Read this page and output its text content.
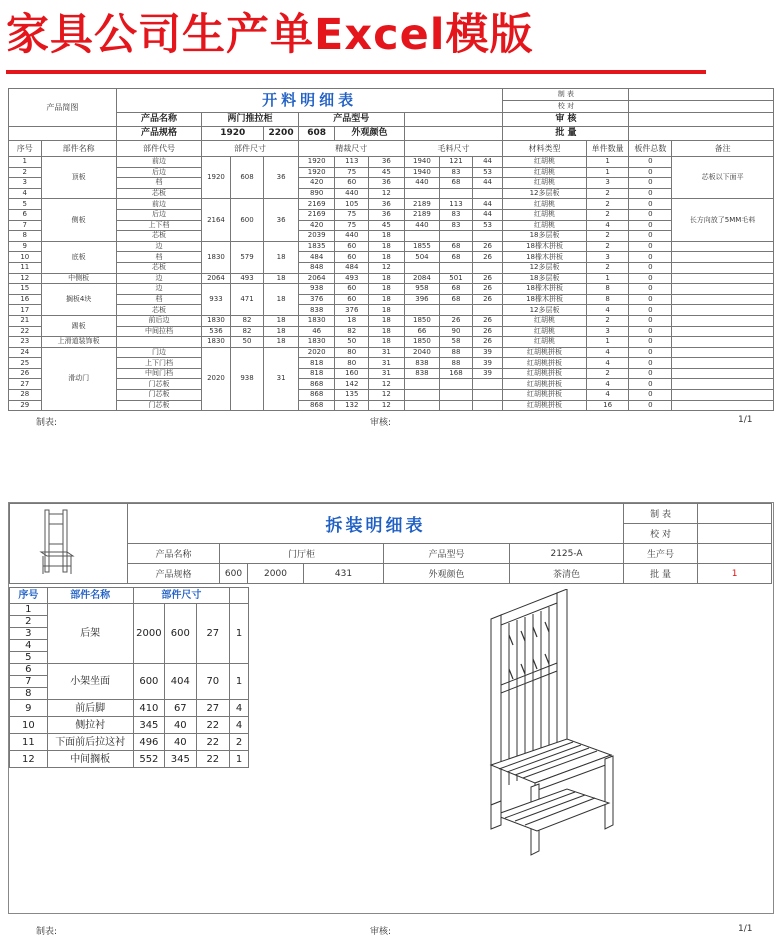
家具公司生产单Excel模版
产品简图		开料明细表										制 表			
												校 对			
		产品名称	两门推拉柜			产品型号						审 核			
		产品规格	1920		2200	608	外观颜色					批 量			
序号	部件名称	部件代号	部件尺寸			精裁尺寸			毛料尺寸			材料类型	单件数量	板件总数	备注
1	顶板	前边	1920	608	36	1920	113	36	1940	121	44	红胡桃	1	0	芯板以下面平
2		后边				1920	75	45	1940	83	53	红胡桃	1	0	
3		档				420	60	36	440	68	44	红胡桃	3	0	
4		芯板				890	440	12				12多层板	2	0	
5	侧板	前边	2164	600	36	2169	105	36	2189	113	44	红胡桃	2	0	长方向放了5MM毛料
6		后边				2169	75	36	2189	83	44	红胡桃	2	0	
7		上下档				420	75	45	440	83	53	红胡桃	4	0	
8		芯板				2039	440	18				18多层板	2	0	
9	底板	边	1830	579	18	1835	60	18	1855	68	26	18橡木拼板	2	0	
10		档				484	60	18	504	68	26	18橡木拼板	3	0	
11		芯板				848	484	12				12多层板	2	0	
12	中侧板	边	2064	493	18	2064	493	18	2084	501	26	18多层板	1	0	
15	搁板4块	边	933	471	18	938	60	18	958	68	26	18橡木拼板	8	0	
16		档				376	60	18	396	68	26	18橡木拼板	8	0	
17		芯板				838	376	18				12多层板	4	0	
21	踢板	前后边	1830	82	18	1830	18	18	1850	26	26	红胡桃	2	0	
22		中间拉档	536	82	18	46	82	18	66	90	26	红胡桃	3	0	
23	上滑道装饰板		1830	50	18	1830	50	18	1850	58	26	红胡桃	1	0	
24	滑动门	门边	2020	938	31	2020	80	31	2040	88	39	红胡桃拼板	4	0	
25		上下门档				818	80	31	838	88	39	红胡桃拼板	4	0	
26		中间门档				818	160	31	838	168	39	红胡桃拼板	2	0	
27		门芯板				868	142	12				红胡桃拼板	4	0	
28		门芯板				868	135	12				红胡桃拼板	4	0	
29		门芯板				868	132	12				红胡桃拼板	16	0	
制表:	审核:	1/1
	拆装明细表						制 表	
							校 对	
	产品名称	门厅柜			产品型号	2125-A	生产号	
	产品规格	600	2000	431	外观颜色	茶清色	批 量	1
序号	部件名称	部件尺寸			
1	后架	2000	600	27	1
2					
3					
4					
5					
6	小架坐面	600	404	70	1
7					
8					
9	前后脚	410	67	27	4
10	侧拉衬	345	40	22	4
11	下面前后拉这衬	496	40	22	2
12	中间搁板	552	345	22	1
制表:	审核:	1/1
